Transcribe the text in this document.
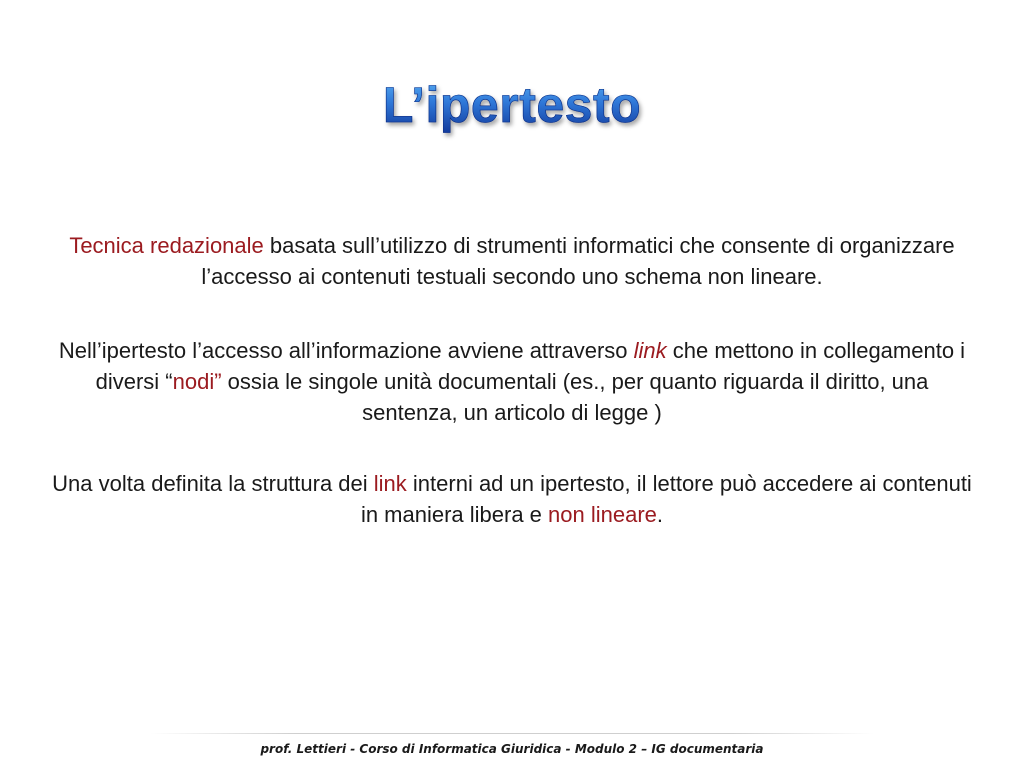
L’ipertesto
Tecnica redazionale basata sull’utilizzo di strumenti informatici che consente di organizzare l’accesso ai contenuti testuali secondo uno schema non lineare.
Nell’ipertesto l’accesso all’informazione avviene attraverso link che mettono in collegamento i diversi “nodi” ossia le singole unità documentali (es., per quanto riguarda il diritto, una sentenza, un articolo di legge )
Una volta definita la struttura dei link interni ad un ipertesto, il lettore può accedere ai contenuti in maniera libera e non lineare.
prof. Lettieri - Corso di Informatica Giuridica - Modulo 2 – IG documentaria
